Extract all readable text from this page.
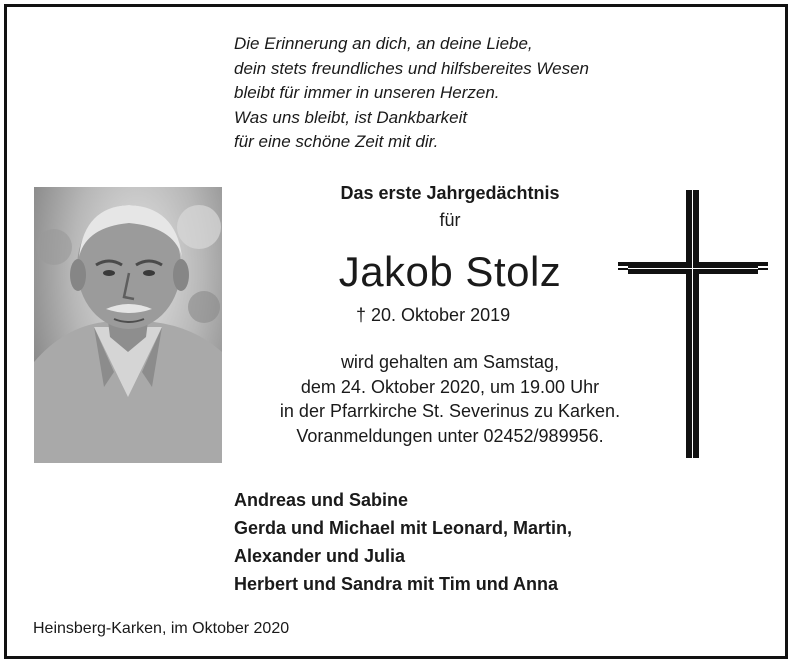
Die Erinnerung an dich, an deine Liebe,
dein stets freundliches und hilfsbereites Wesen
bleibt für immer in unseren Herzen.
Was uns bleibt, ist Dankbarkeit
für eine schöne Zeit mit dir.
Das erste Jahrgedächtnis
für
Jakob Stolz
† 20. Oktober 2019
wird gehalten am Samstag,
dem 24. Oktober 2020, um 19.00 Uhr
in der Pfarrkirche St. Severinus zu Karken.
Voranmeldungen unter 02452/989956.
Andreas und Sabine
Gerda und Michael mit Leonard, Martin,
Alexander und Julia
Herbert und Sandra mit Tim und Anna
Heinsberg-Karken, im Oktober 2020
